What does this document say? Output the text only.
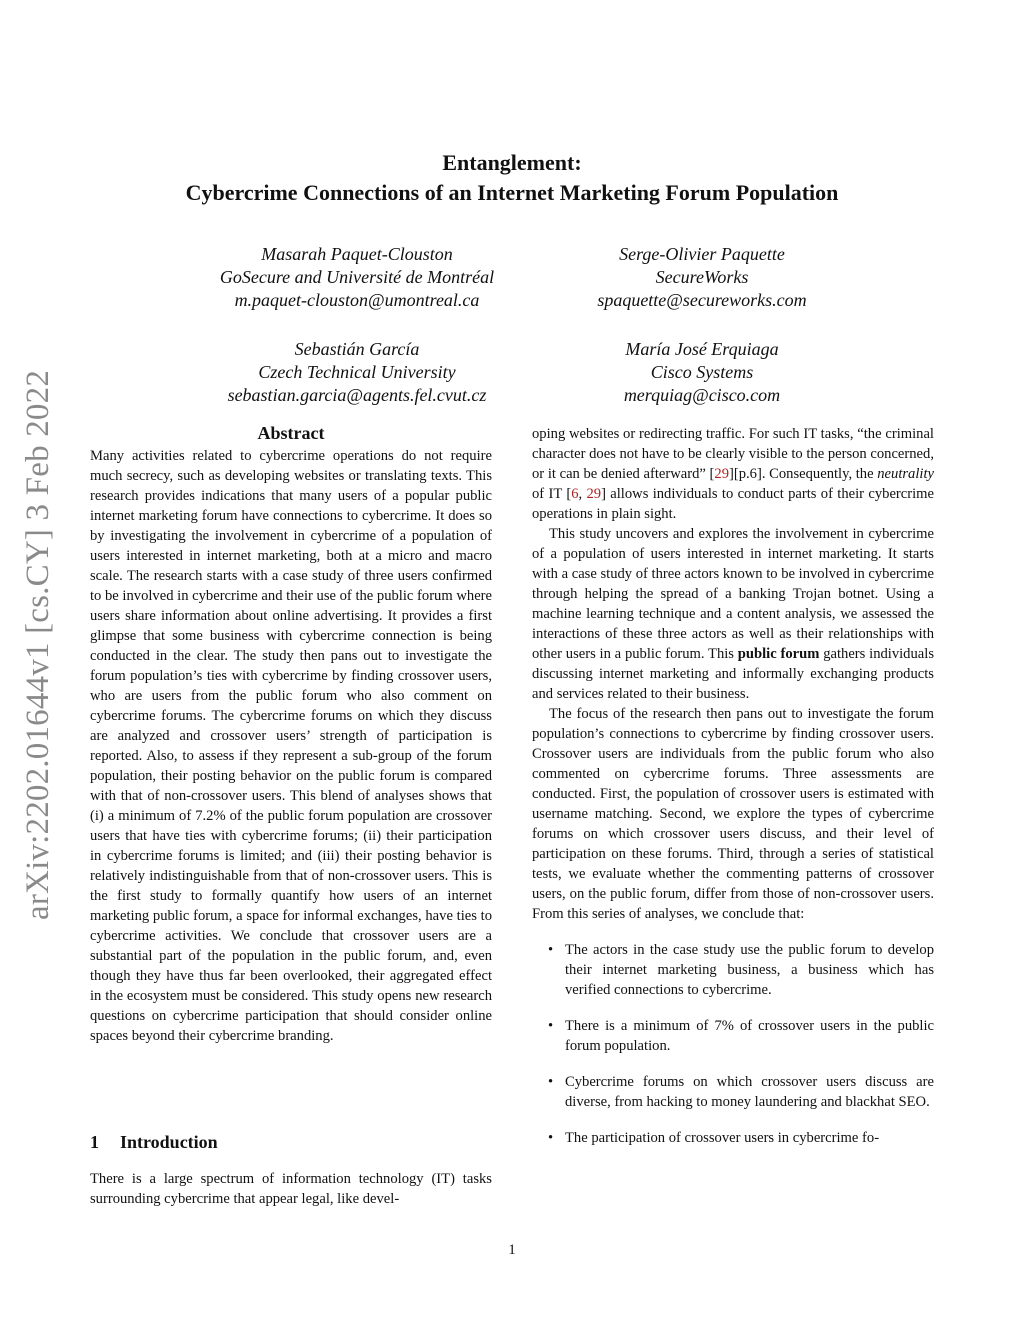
arXiv:2202.01644v1 [cs.CY] 3 Feb 2022
Entanglement:
Cybercrime Connections of an Internet Marketing Forum Population
Masarah Paquet-Clouston
GoSecure and Université de Montréal
m.paquet-clouston@umontreal.ca
Serge-Olivier Paquette
SecureWorks
spaquette@secureworks.com
Sebastián García
Czech Technical University
sebastian.garcia@agents.fel.cvut.cz
María José Erquiaga
Cisco Systems
merquiag@cisco.com
Abstract

Many activities related to cybercrime operations do not require much secrecy, such as developing websites or translating texts. This research provides indications that many users of a popular public internet marketing forum have connections to cybercrime. It does so by investigating the involvement in cybercrime of a population of users interested in internet marketing, both at a micro and macro scale. The research starts with a case study of three users confirmed to be involved in cybercrime and their use of the public forum where users share information about online advertising. It provides a first glimpse that some business with cybercrime connection is being conducted in the clear. The study then pans out to investigate the forum population’s ties with cybercrime by finding crossover users, who are users from the public forum who also comment on cybercrime forums. The cybercrime forums on which they discuss are analyzed and crossover users’ strength of participation is reported. Also, to assess if they represent a sub-group of the forum population, their posting behavior on the public forum is compared with that of non-crossover users. This blend of analyses shows that (i) a minimum of 7.2% of the public forum population are crossover users that have ties with cybercrime forums; (ii) their participation in cybercrime forums is limited; and (iii) their posting behavior is relatively indistinguishable from that of non-crossover users. This is the first study to formally quantify how users of an internet marketing public forum, a space for informal exchanges, have ties to cybercrime activities. We conclude that crossover users are a substantial part of the population in the public forum, and, even though they have thus far been overlooked, their aggregated effect in the ecosystem must be considered. This study opens new research questions on cybercrime participation that should consider online spaces beyond their cybercrime branding.

1 Introduction

There is a large spectrum of information technology (IT) tasks surrounding cybercrime that appear legal, like devel-

oping websites or redirecting traffic. For such IT tasks, “the criminal character does not have to be clearly visible to the person concerned, or it can be denied afterward” [29][p.6]. Consequently, the neutrality of IT [6, 29] allows individuals to conduct parts of their cybercrime operations in plain sight.

This study uncovers and explores the involvement in cybercrime of a population of users interested in internet marketing. It starts with a case study of three actors known to be involved in cybercrime through helping the spread of a banking Trojan botnet. Using a machine learning technique and a content analysis, we assessed the interactions of these three actors as well as their relationships with other users in a public forum. This public forum gathers individuals discussing internet marketing and informally exchanging products and services related to their business.

The focus of the research then pans out to investigate the forum population’s connections to cybercrime by finding crossover users. Crossover users are individuals from the public forum who also commented on cybercrime forums. Three assessments are conducted. First, the population of crossover users is estimated with username matching. Second, we explore the types of cybercrime forums on which crossover users discuss, and their level of participation on these forums. Third, through a series of statistical tests, we evaluate whether the commenting patterns of crossover users, on the public forum, differ from those of non-crossover users. From this series of analyses, we conclude that:

• The actors in the case study use the public forum to develop their internet marketing business, a business which has verified connections to cybercrime.
• There is a minimum of 7% of crossover users in the public forum population.
• Cybercrime forums on which crossover users discuss are diverse, from hacking to money laundering and blackhat SEO.
• The participation of crossover users in cybercrime fo-
1
